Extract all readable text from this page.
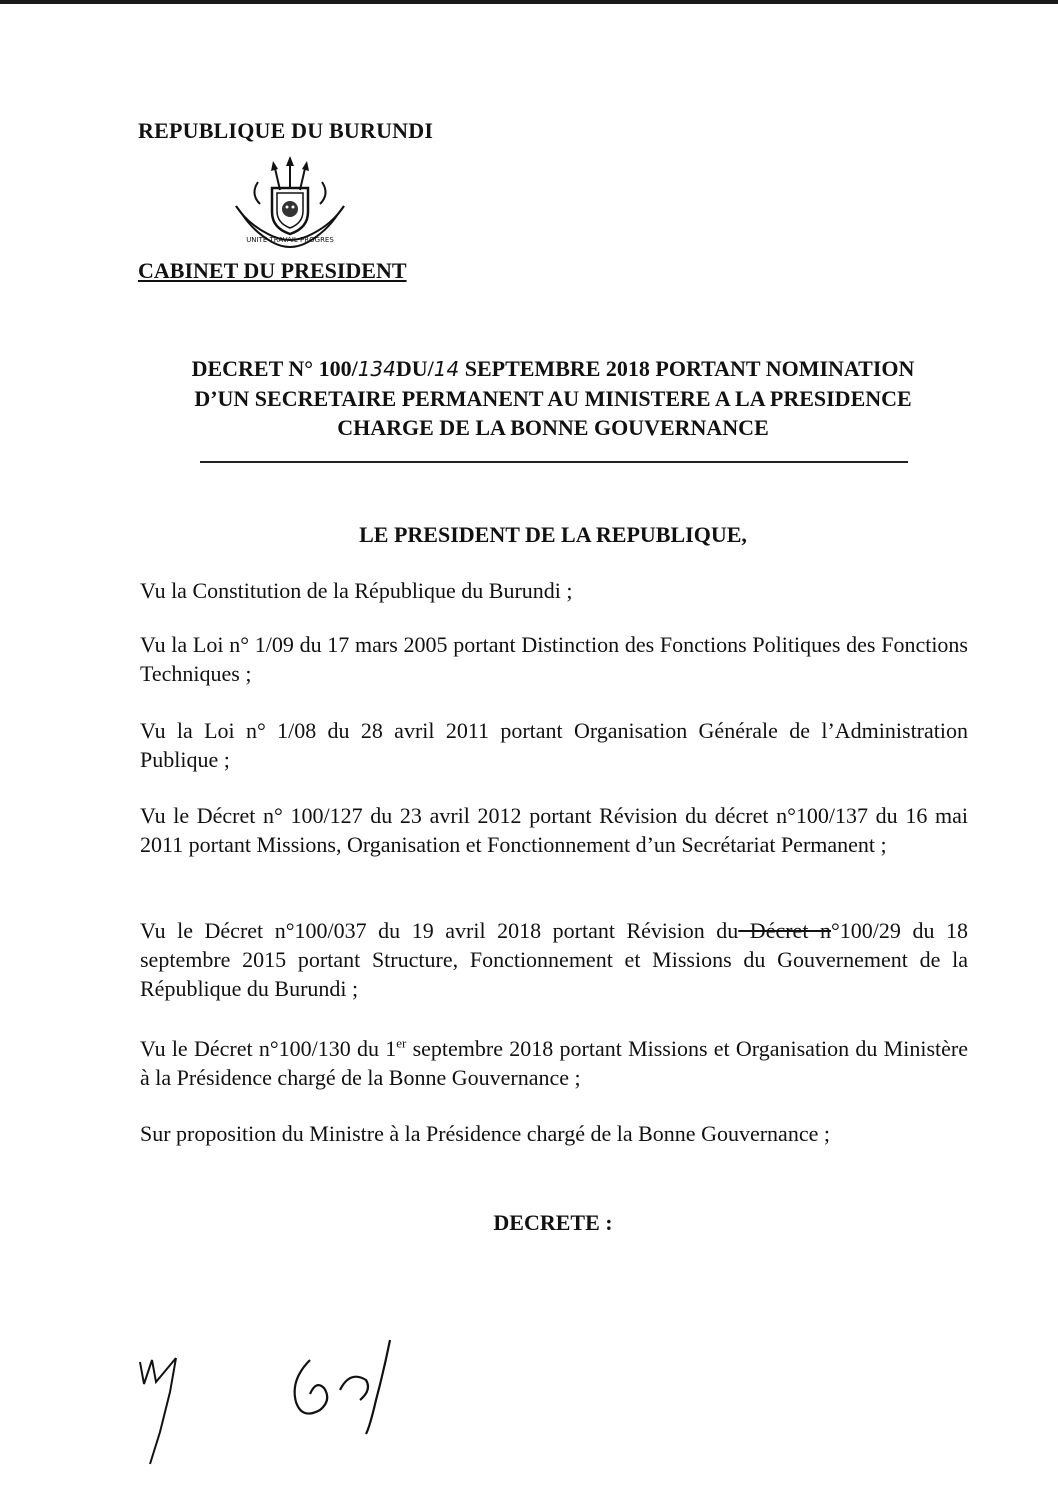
REPUBLIQUE DU BURUNDI
UNITE TRAVAIL PROGRES
CABINET DU PRESIDENT
DECRET N° 100/134DU/14 SEPTEMBRE 2018 PORTANT NOMINATION
D’UN SECRETAIRE PERMANENT AU MINISTERE A LA PRESIDENCE
CHARGE DE LA BONNE GOUVERNANCE
LE PRESIDENT DE LA REPUBLIQUE,
Vu la Constitution de la République du Burundi ;
Vu la Loi n° 1/09 du 17 mars 2005 portant Distinction des Fonctions Politiques des Fonctions Techniques ;
Vu la Loi n° 1/08 du 28 avril 2011 portant Organisation Générale de l’Administration Publique ;
Vu le Décret n° 100/127 du 23 avril 2012 portant Révision du décret n°100/137 du 16 mai 2011 portant Missions, Organisation et Fonctionnement d’un Secrétariat Permanent ;
Vu le Décret n°100/037 du 19 avril 2018 portant Révision du Décret n°100/29 du 18 septembre 2015 portant Structure, Fonctionnement et Missions du Gouvernement de la République du Burundi ;
Vu le Décret n°100/130 du 1er septembre 2018 portant Missions et Organisation du Ministère à la Présidence chargé de la Bonne Gouvernance ;
Sur proposition du Ministre à la Présidence chargé de la Bonne Gouvernance ;
DECRETE :
